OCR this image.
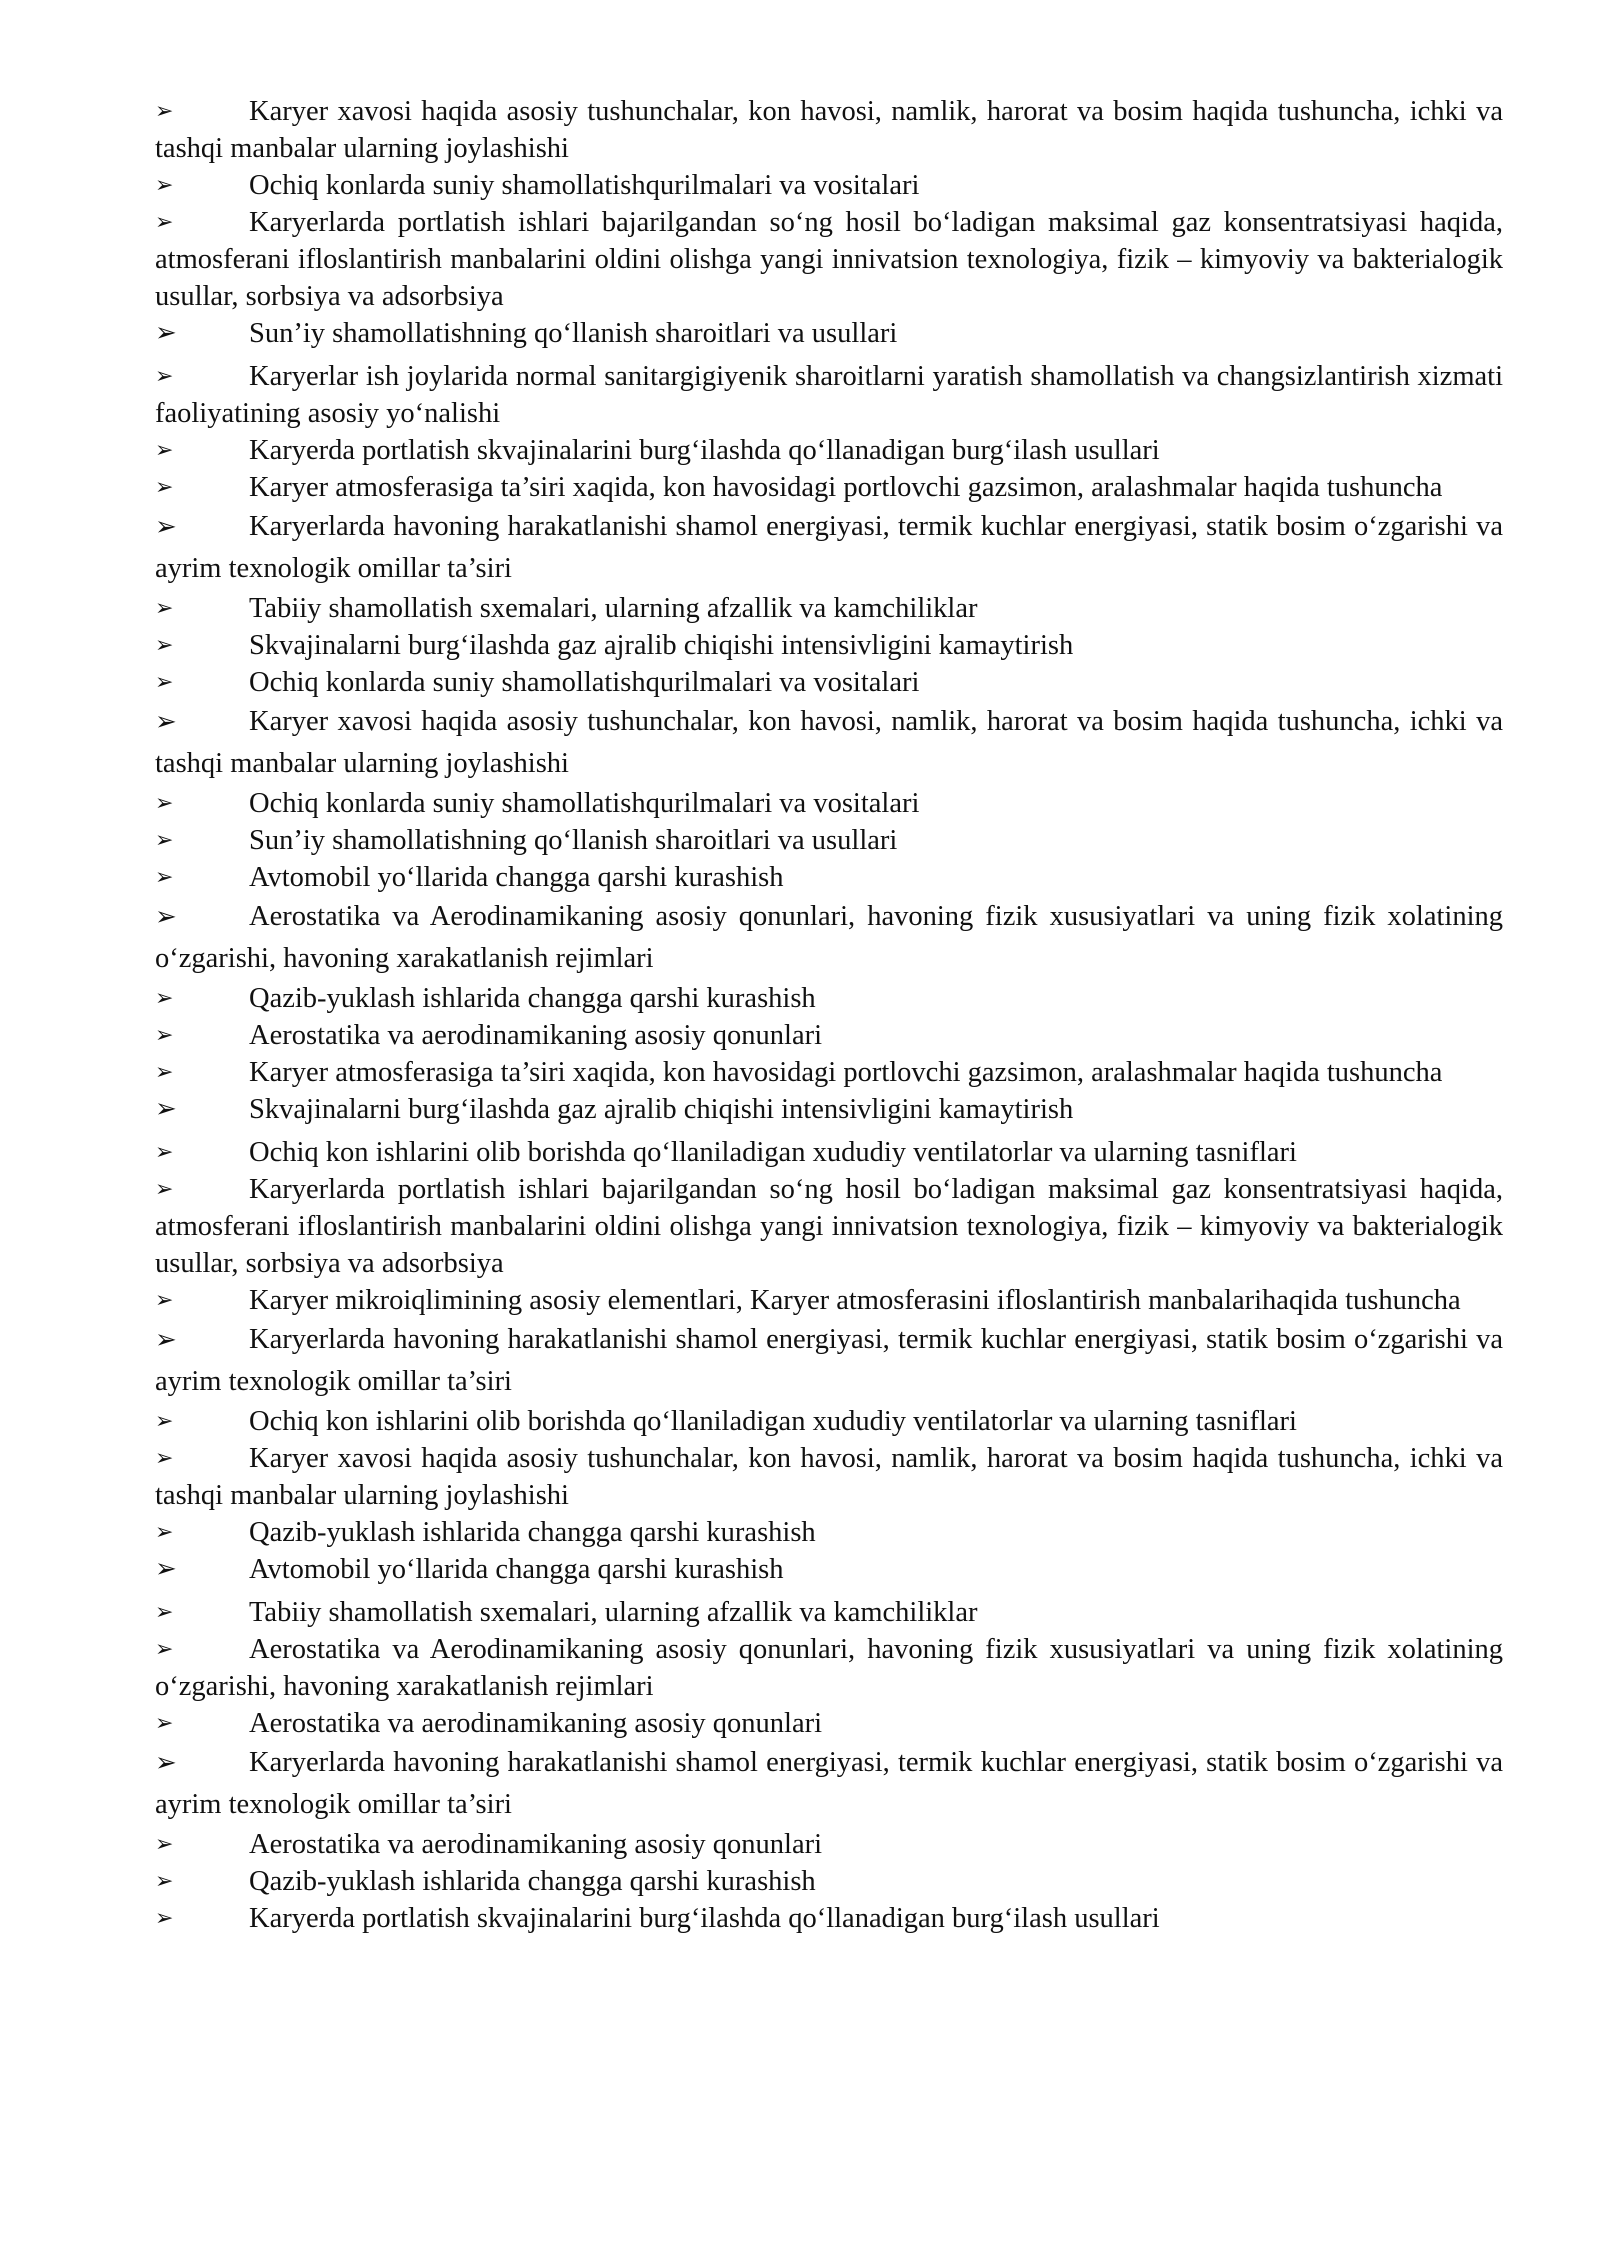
➢	Karyer xavosi haqida asosiy tushunchalar, kon havosi, namlik, harorat va bosim haqida tushuncha, ichki va tashqi manbalar ularning joylashishi
➢	Ochiq konlarda suniy shamollatishqurilmalari va vositalari
➢	Karyerlarda portlatish ishlari bajarilgandan so‘ng hosil bo‘ladigan maksimal gaz konsentratsiyasi haqida, atmosferani ifloslantirish manbalarini oldini olishga yangi innivatsion texnologiya, fizik – kimyoviy va bakterialogik usullar, sorbsiya va adsorbsiya
➢	Sun’iy shamollatishning qo‘llanish sharoitlari va usullari
➢	Karyerlar ish joylarida normal sanitargigiyenik sharoitlarni yaratish shamollatish va changsizlantirish xizmati faoliyatining asosiy yo‘nalishi
➢	Karyerda portlatish skvajinalarini burg‘ilashda qo‘llanadigan burg‘ilash usullari
➢	Karyer atmosferasiga ta’siri xaqida, kon havosidagi portlovchi gazsimon, aralashmalar haqida tushuncha
➢	Karyerlarda havoning harakatlanishi shamol energiyasi, termik kuchlar energiyasi, statik bosim o‘zgarishi va ayrim texnologik omillar ta’siri
➢	Tabiiy shamollatish sxemalari, ularning afzallik va kamchiliklar
➢	Skvajinalarni burg‘ilashda gaz ajralib chiqishi intensivligini kamaytirish
➢	Ochiq konlarda suniy shamollatishqurilmalari va vositalari
➢	Karyer xavosi haqida asosiy tushunchalar, kon havosi, namlik, harorat va bosim haqida tushuncha, ichki va tashqi manbalar ularning joylashishi
➢	Ochiq konlarda suniy shamollatishqurilmalari va vositalari
➢	Sun’iy shamollatishning qo‘llanish sharoitlari va usullari
➢	Avtomobil yo‘llarida changga qarshi kurashish
➢	Aerostatika va Aerodinamikaning asosiy qonunlari, havoning fizik xususiyatlari va uning fizik xolatining o‘zgarishi, havoning xarakatlanish rejimlari
➢	Qazib-yuklash ishlarida changga qarshi kurashish
➢	Aerostatika va aerodinamikaning asosiy qonunlari
➢	Karyer atmosferasiga ta’siri xaqida, kon havosidagi portlovchi gazsimon, aralashmalar haqida tushuncha
➢	Skvajinalarni burg‘ilashda gaz ajralib chiqishi intensivligini kamaytirish
➢	Ochiq kon ishlarini olib borishda qo‘llaniladigan xududiy ventilatorlar va ularning tasniflari
➢	Karyerlarda portlatish ishlari bajarilgandan so‘ng hosil bo‘ladigan maksimal gaz konsentratsiyasi haqida, atmosferani ifloslantirish manbalarini oldini olishga yangi innivatsion texnologiya, fizik – kimyoviy va bakterialogik usullar, sorbsiya va adsorbsiya
➢	Karyer mikroiqlimining asosiy elementlari, Karyer atmosferasini ifloslantirish manbalarihaqida tushuncha
➢	Karyerlarda havoning harakatlanishi shamol energiyasi, termik kuchlar energiyasi, statik bosim o‘zgarishi va ayrim texnologik omillar ta’siri
➢	Ochiq kon ishlarini olib borishda qo‘llaniladigan xududiy ventilatorlar va ularning tasniflari
➢	Karyer xavosi haqida asosiy tushunchalar, kon havosi, namlik, harorat va bosim haqida tushuncha, ichki va tashqi manbalar ularning joylashishi
➢	Qazib-yuklash ishlarida changga qarshi kurashish
➢	Avtomobil yo‘llarida changga qarshi kurashish
➢	Tabiiy shamollatish sxemalari, ularning afzallik va kamchiliklar
➢	Aerostatika va Aerodinamikaning asosiy qonunlari, havoning fizik xususiyatlari va uning fizik xolatining o‘zgarishi, havoning xarakatlanish rejimlari
➢	Aerostatika va aerodinamikaning asosiy qonunlari
➢	Karyerlarda havoning harakatlanishi shamol energiyasi, termik kuchlar energiyasi, statik bosim o‘zgarishi va ayrim texnologik omillar ta’siri
➢	Aerostatika va aerodinamikaning asosiy qonunlari
➢	Qazib-yuklash ishlarida changga qarshi kurashish
➢	Karyerda portlatish skvajinalarini burg‘ilashda qo‘llanadigan burg‘ilash usullari
